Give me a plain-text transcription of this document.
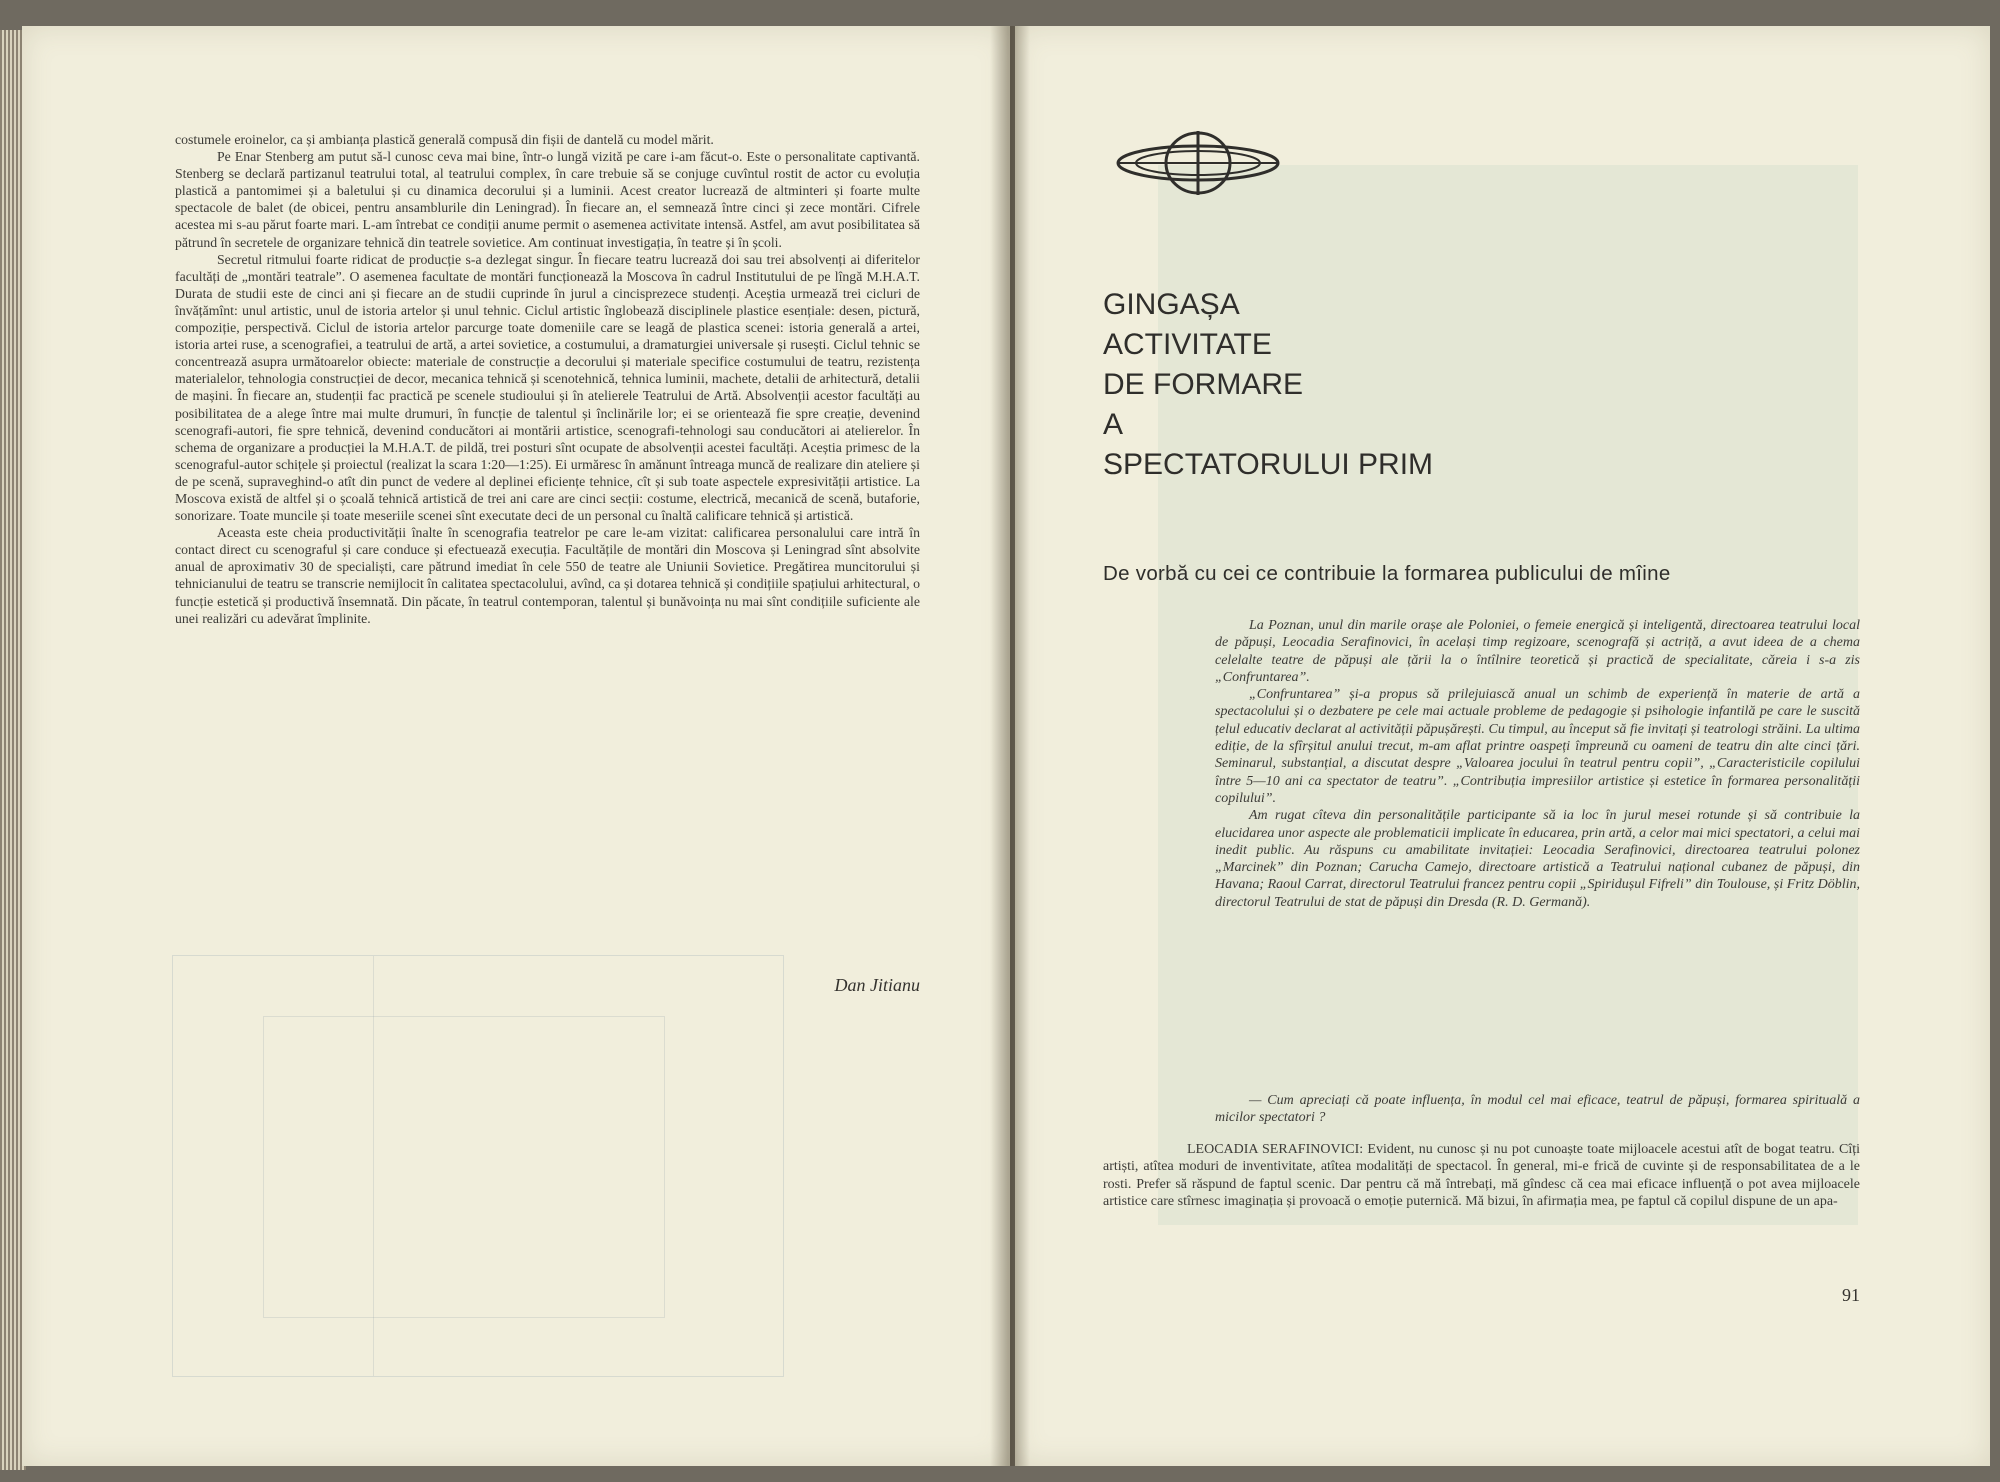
costumele eroinelor, ca și ambianța plastică generală compusă din fișii de dantelă cu model mărit.

Pe Enar Stenberg am putut să-l cunosc ceva mai bine, într-o lungă vizită pe care i-am făcut-o. Este o personalitate captivantă. Stenberg se declară partizanul teatrului total, al teatrului complex, în care trebuie să se conjuge cuvîntul rostit de actor cu evoluția plastică a pantomimei și a baletului și cu dinamica decorului și a luminii. Acest creator lucrează de altminteri și foarte multe spectacole de balet (de obicei, pentru ansamblurile din Leningrad). În fiecare an, el semnează între cinci și zece montări. Cifrele acestea mi s-au părut foarte mari. L-am întrebat ce condiții anume permit o asemenea activitate intensă. Astfel, am avut posibilitatea să pătrund în secretele de organizare tehnică din teatrele sovietice. Am continuat investigația, în teatre și în școli.

Secretul ritmului foarte ridicat de producție s-a dezlegat singur. În fiecare teatru lucrează doi sau trei absolvenți ai diferitelor facultăți de „montări teatrale”. O asemenea facultate de montări funcționează la Moscova în cadrul Institutului de pe lîngă M.H.A.T. Durata de studii este de cinci ani și fiecare an de studii cuprinde în jurul a cincisprezece studenți. Aceștia urmează trei cicluri de învățămînt: unul artistic, unul de istoria artelor și unul tehnic. Ciclul artistic înglobează disciplinele plastice esențiale: desen, pictură, compoziție, perspectivă. Ciclul de istoria artelor parcurge toate domeniile care se leagă de plastica scenei: istoria generală a artei, istoria artei ruse, a scenografiei, a teatrului de artă, a artei sovietice, a costumului, a dramaturgiei universale și rusești. Ciclul tehnic se concentrează asupra următoarelor obiecte: materiale de construcție a decorului și materiale specifice costumului de teatru, rezistența materialelor, tehnologia construcției de decor, mecanica tehnică și scenotehnică, tehnica luminii, machete, detalii de arhitectură, detalii de mașini. În fiecare an, studenții fac practică pe scenele studioului și în atelierele Teatrului de Artă. Absolvenții acestor facultăți au posibilitatea de a alege între mai multe drumuri, în funcție de talentul și înclinările lor; ei se orientează fie spre creație, devenind scenografi-autori, fie spre tehnică, devenind conducători ai montării artistice, scenografi-tehnologi sau conducători ai atelierelor. În schema de organizare a producției la M.H.A.T. de pildă, trei posturi sînt ocupate de absolvenții acestei facultăți. Aceștia primesc de la scenograful-autor schițele și proiectul (realizat la scara 1:20—1:25). Ei urmăresc în amănunt întreaga muncă de realizare din ateliere și de pe scenă, supraveghind-o atît din punct de vedere al deplinei eficiențe tehnice, cît și sub toate aspectele expresivității artistice. La Moscova există de altfel și o școală tehnică artistică de trei ani care are cinci secții: costume, electrică, mecanică de scenă, butaforie, sonorizare. Toate muncile și toate meseriile scenei sînt executate deci de un personal cu înaltă calificare tehnică și artistică.

Aceasta este cheia productivității înalte în scenografia teatrelor pe care le-am vizitat: calificarea personalului care intră în contact direct cu scenograful și care conduce și efectuează execuția. Facultățile de montări din Moscova și Leningrad sînt absolvite anual de aproximativ 30 de specialiști, care pătrund imediat în cele 550 de teatre ale Uniunii Sovietice. Pregătirea muncitorului și tehnicianului de teatru se transcrie nemijlocit în calitatea spectacolului, avînd, ca și dotarea tehnică și condițiile spațiului arhitectural, o funcție estetică și productivă însemnată. Din păcate, în teatrul contemporan, talentul și bunăvoința nu mai sînt condițiile suficiente ale unei realizări cu adevărat împlinite.

Dan Jitianu
GINGAȘA
ACTIVITATE
DE FORMARE
A
SPECTATORULUI PRIM
De vorbă cu cei ce contribuie la formarea publicului de mîine

La Poznan, unul din marile orașe ale Poloniei, o femeie energică și inteligentă, directoarea teatrului local de păpuși, Leocadia Serafinovici, în același timp regizoare, scenografă și actriță, a avut ideea de a chema celelalte teatre de păpuși ale țării la o întîlnire teoretică și practică de specialitate, căreia i s-a zis „Confruntarea”.

„Confruntarea” și-a propus să prilejuiască anual un schimb de experiență în materie de artă a spectacolului și o dezbatere pe cele mai actuale probleme de pedagogie și psihologie infantilă pe care le suscită țelul educativ declarat al activității păpușărești. Cu timpul, au început să fie invitați și teatrologi străini. La ultima ediție, de la sfîrșitul anului trecut, m-am aflat printre oaspeți împreună cu oameni de teatru din alte cinci țări. Seminarul, substanțial, a discutat despre „Valoarea jocului în teatrul pentru copii”, „Caracteristicile copilului între 5—10 ani ca spectator de teatru”. „Contribuția impresiilor artistice și estetice în formarea personalității copilului”.

Am rugat cîteva din personalitățile participante să ia loc în jurul mesei rotunde și să contribuie la elucidarea unor aspecte ale problematicii implicate în educarea, prin artă, a celor mai mici spectatori, a celui mai inedit public. Au răspuns cu amabilitate invitației: Leocadia Serafinovici, directoarea teatrului polonez „Marcinek” din Poznan; Carucha Camejo, directoare artistică a Teatrului național cubanez de păpuși, din Havana; Raoul Carrat, directorul Teatrului francez pentru copii „Spiridușul Fifreli” din Toulouse, și Fritz Döblin, directorul Teatrului de stat de păpuși din Dresda (R. D. Germană).

— Cum apreciați că poate influența, în modul cel mai eficace, teatrul de păpuși, formarea spirituală a micilor spectatori ?
LEOCADIA SERAFINOVICI: Evident, nu cunosc și nu pot cunoaște toate mijloacele acestui atît de bogat teatru. Cîți artiști, atîtea moduri de inventivitate, atîtea modalități de spectacol. În general, mi-e frică de cuvinte și de responsabilitatea de a le rosti. Prefer să răspund de faptul scenic. Dar pentru că mă întrebați, mă gîndesc că cea mai eficace influență o pot avea mijloacele artistice care stîrnesc imaginația și provoacă o emoție puternică. Mă bizui, în afirmația mea, pe faptul că copilul dispune de un apa-
91
